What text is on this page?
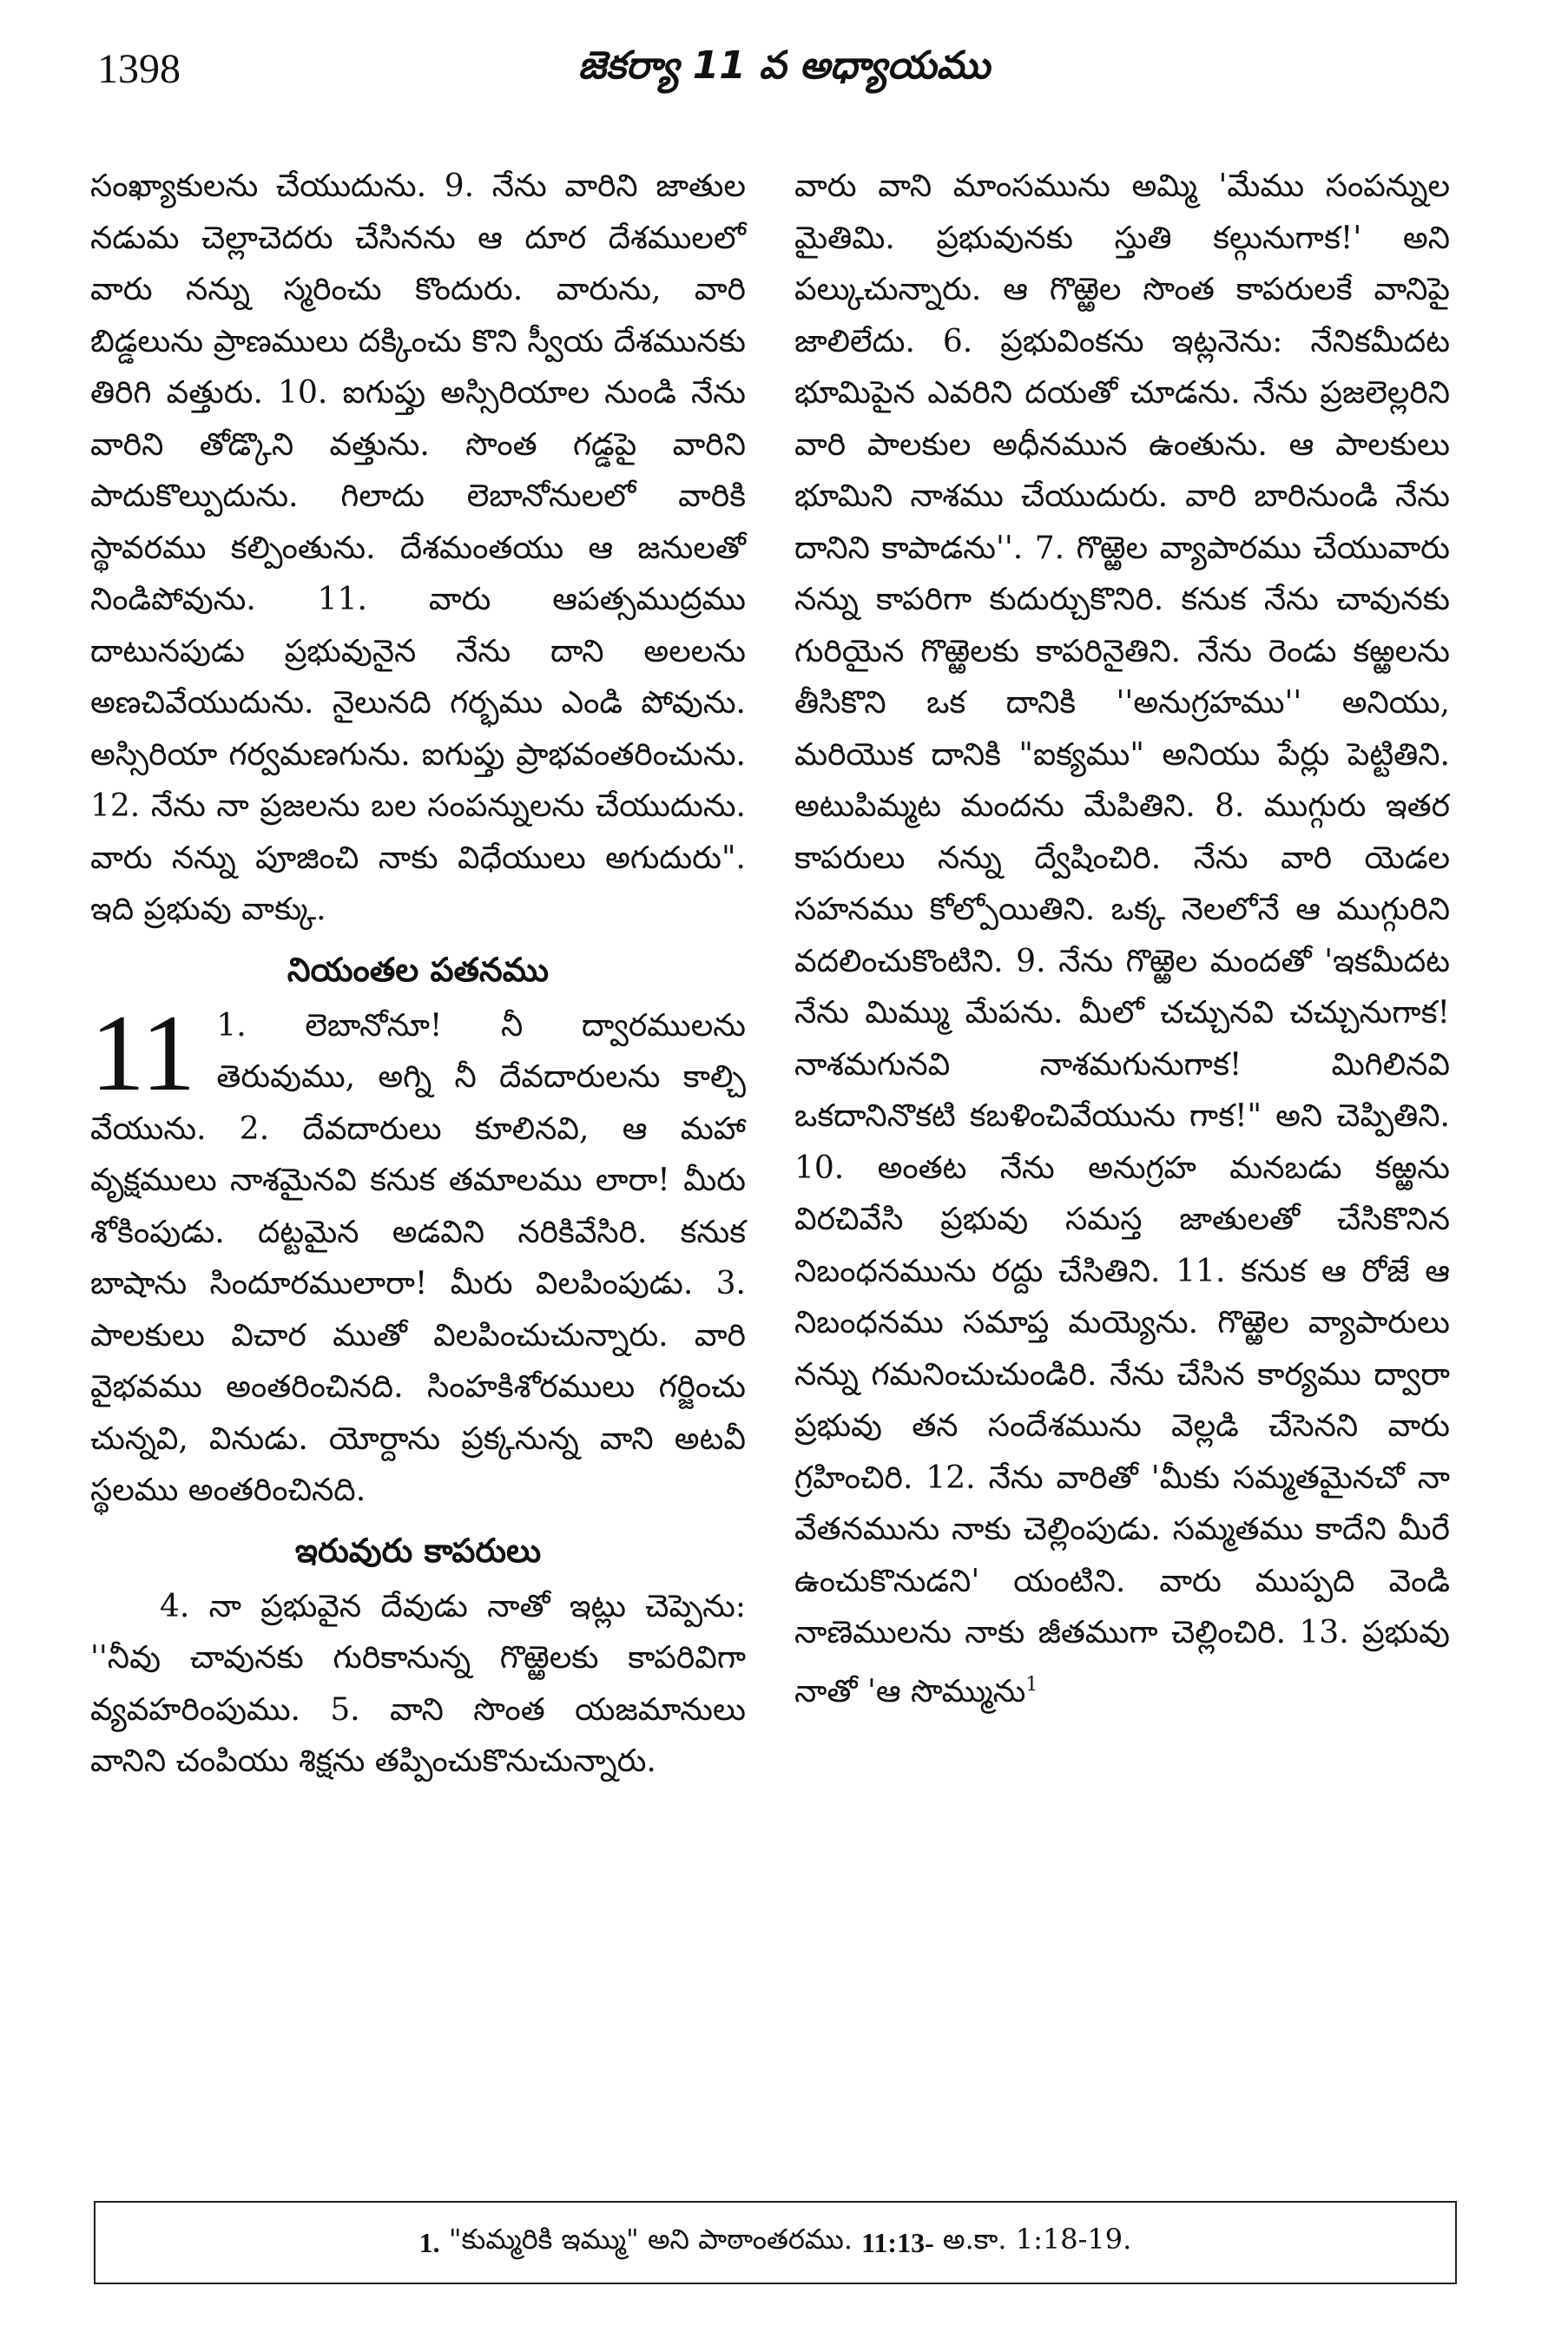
1398	జెకర్యా 11 వ అధ్యాయము

సంఖ్యాకులను చేయుదును. 9. నేను వారిని జాతుల నడుమ చెల్లాచెదరు చేసినను ఆ దూర దేశములలో వారు నన్ను స్మరించు కొందురు. వారును, వారి బిడ్డలును ప్రాణములు దక్కించు కొని స్వీయ దేశమునకు తిరిగి వత్తురు. 10. ఐగుప్తు అస్సిరియాల నుండి నేను వారిని తోడ్కొని వత్తును. సొంత గడ్డపై వారిని పాదుకొల్పుదును. గిలాదు లెబానోనులలో వారికి స్థావరము కల్పింతును. దేశమంతయు ఆ జనులతో నిండిపోవును. 11. వారు ఆపత్సముద్రము దాటునపుడు ప్రభువునైన నేను దాని అలలను అణచివేయుదును. నైలునది గర్భము ఎండి పోవును. అస్సిరియా గర్వమణగును. ఐగుప్తు ప్రాభవంతరించును. 12. నేను నా ప్రజలను బల సంపన్నులను చేయుదును. వారు నన్ను పూజించి నాకు విధేయులు అగుదురు". ఇది ప్రభువు వాక్కు.

నియంతల పతనము

11 1. లెబానోనూ! నీ ద్వారములను తెరువుము, అగ్ని నీ దేవదారులను కాల్చి వేయును. 2. దేవదారులు కూలినవి, ఆ మహా వృక్షములు నాశమైనవి కనుక తమాలము లారా! మీరు శోకింపుడు. దట్టమైన అడవిని నరికివేసిరి. కనుక బాషాను సిందూరములారా! మీరు విలపింపుడు. 3. పాలకులు విచార ముతో విలపించుచున్నారు. వారి వైభవము అంతరించినది. సింహకిశోరములు గర్జించు చున్నవి, వినుడు. యోర్దాను ప్రక్కనున్న వాని అటవీ స్థలము అంతరించినది.

ఇరువురు కాపరులు

4. నా ప్రభువైన దేవుడు నాతో ఇట్లు చెప్పెను: ''నీవు చావునకు గురికానున్న గొఱ్ఱెలకు కాపరివిగా వ్యవహరింపుము. 5. వాని సొంత యజమానులు వానిని చంపియు శిక్షను తప్పించుకొనుచున్నారు.

వారు వాని మాంసమును అమ్మి 'మేము సంపన్నుల మైతిమి. ప్రభువునకు స్తుతి కల్గునుగాక!' అని పల్కుచున్నారు. ఆ గొఱ్ఱెల సొంత కాపరులకే వానిపై జాలిలేదు. 6. ప్రభువింకను ఇట్లనెను: నేనికమీదట భూమిపైన ఎవరిని దయతో చూడను. నేను ప్రజలెల్లరిని వారి పాలకుల అధీనమున ఉంతును. ఆ పాలకులు భూమిని నాశము చేయుదురు. వారి బారినుండి నేను దానిని కాపాడను''. 7. గొఱ్ఱెల వ్యాపారము చేయువారు నన్ను కాపరిగా కుదుర్చుకొనిరి. కనుక నేను చావునకు గురియైన గొఱ్ఱెలకు కాపరినైతిని. నేను రెండు కఱ్ఱలను తీసికొని ఒక దానికి ''అనుగ్రహము'' అనియు, మరియొక దానికి "ఐక్యము" అనియు పేర్లు పెట్టితిని. అటుపిమ్మట మందను మేపితిని. 8. ముగ్గురు ఇతర కాపరులు నన్ను ద్వేషించిరి. నేను వారి యెడల సహనము కోల్పోయితిని. ఒక్క నెలలోనే ఆ ముగ్గురిని వదలించుకొంటిని. 9. నేను గొఱ్ఱెల మందతో 'ఇకమీదట నేను మిమ్ము మేపను. మీలో చచ్చునవి చచ్చునుగాక! నాశమగునవి నాశమగునుగాక! మిగిలినవి ఒకదానినొకటి కబళించివేయును గాక!" అని చెప్పితిని. 10. అంతట నేను అనుగ్రహ మనబడు కఱ్ఱను విరచివేసి ప్రభువు సమస్త జాతులతో చేసికొనిన నిబంధనమును రద్దు చేసితిని. 11. కనుక ఆ రోజే ఆ నిబంధనము సమాప్త మయ్యెను. గొఱ్ఱెల వ్యాపారులు నన్ను గమనించుచుండిరి. నేను చేసిన కార్యము ద్వారా ప్రభువు తన సందేశమును వెల్లడి చేసెనని వారు గ్రహించిరి. 12. నేను వారితో 'మీకు సమ్మతమైనచో నా వేతనమును నాకు చెల్లింపుడు. సమ్మతము కాదేని మీరే ఉంచుకొనుడని' యంటిని. వారు ముప్పది వెండి నాణెములను నాకు జీతముగా చెల్లించిరి. 13. ప్రభువు నాతో 'ఆ సొమ్మును$^1$

1.
"కుమ్మరికి ఇమ్ము" అని పాఠాంతరము.
11:13-
అ.కా. 1:18-19.
